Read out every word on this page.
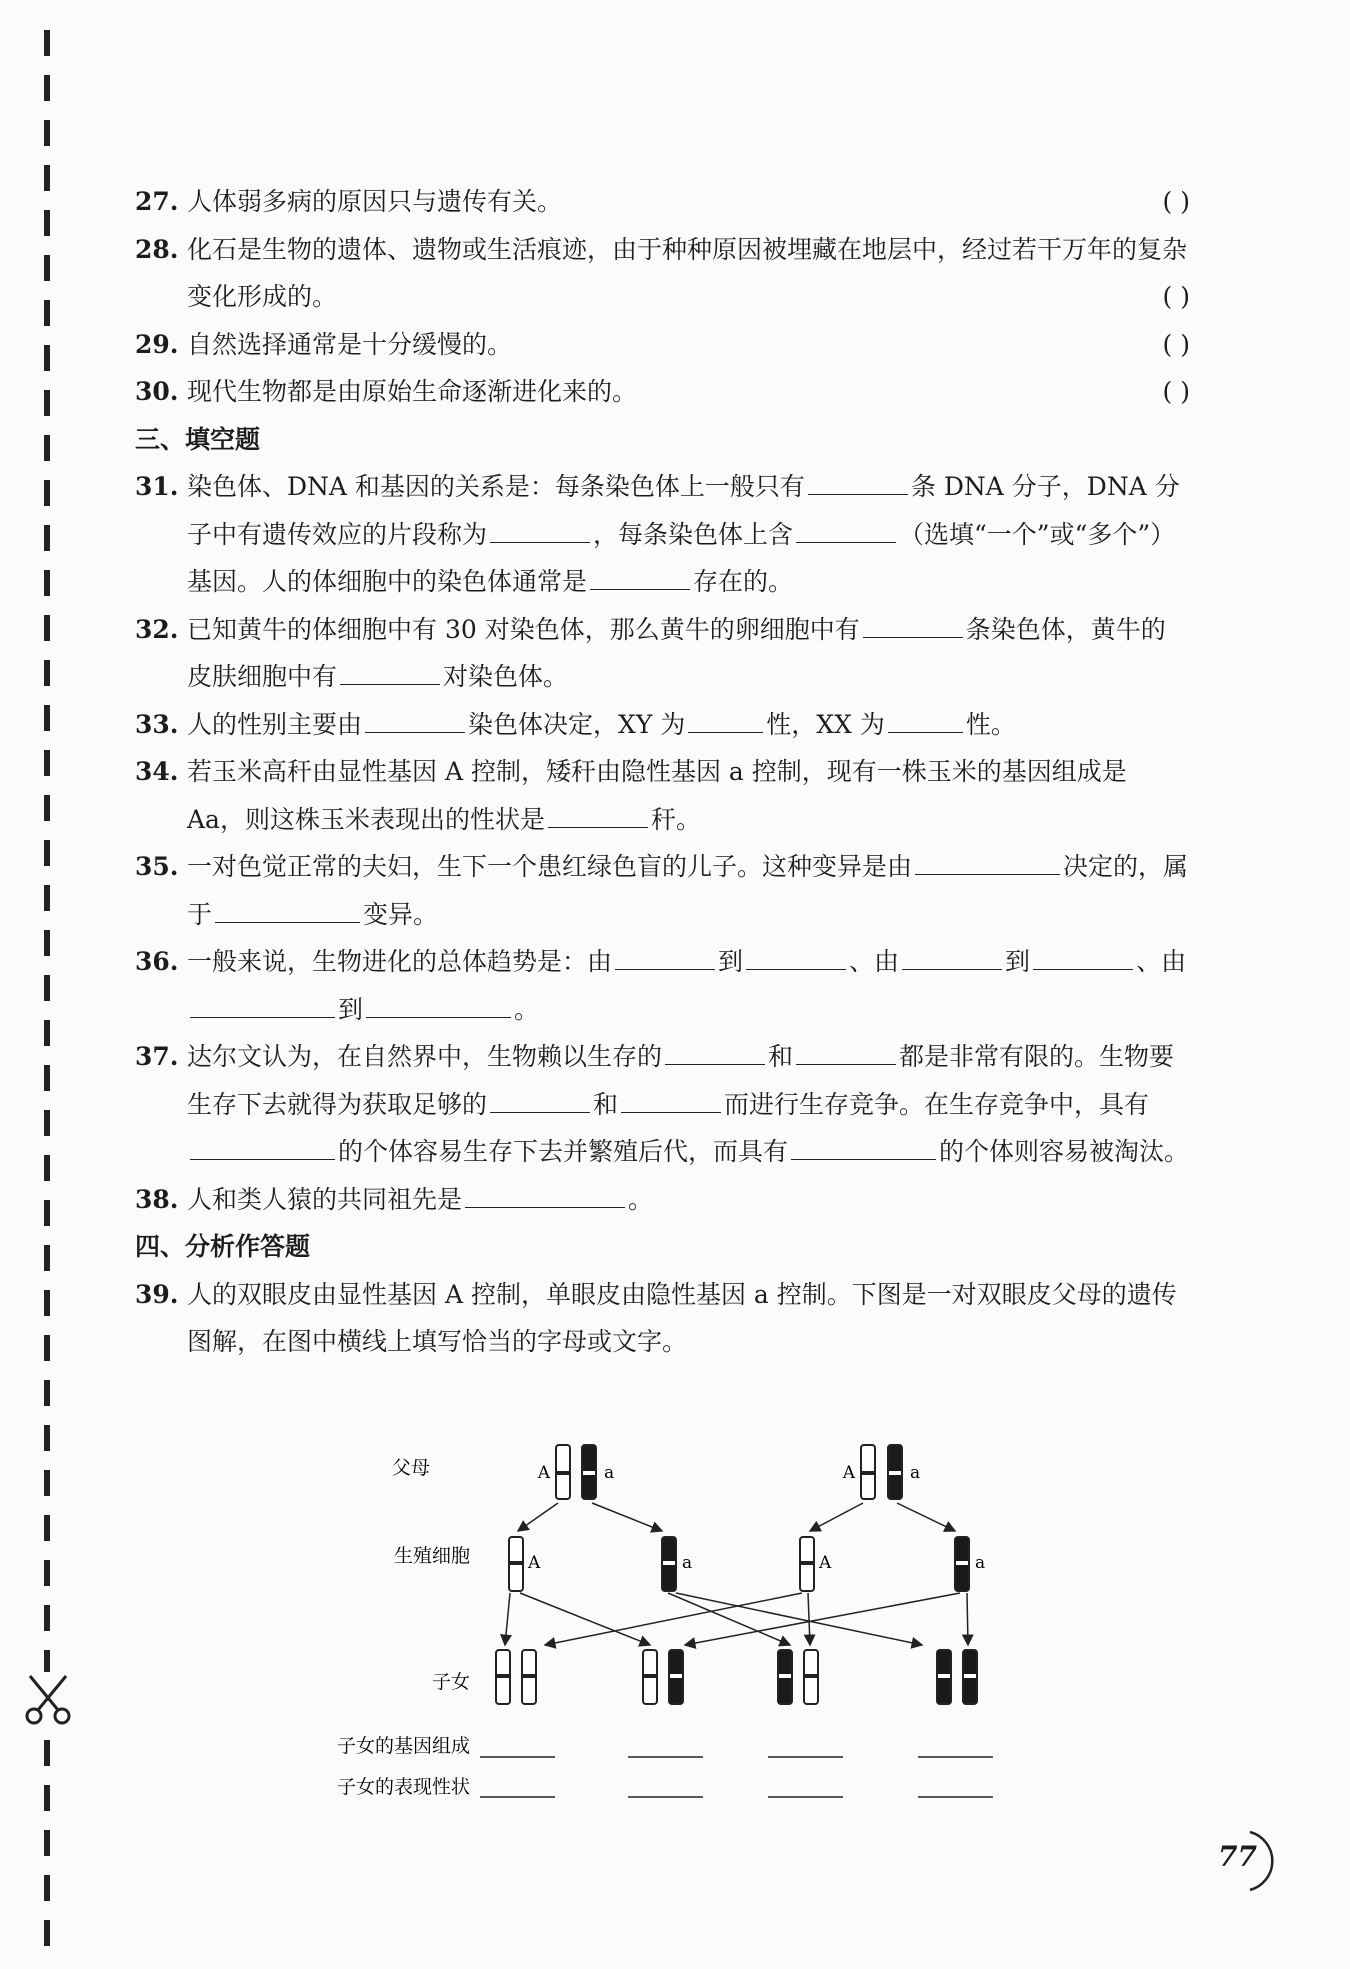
27. 人体弱多病的原因只与遗传有关。	( )
28. 化石是生物的遗体、遗物或生活痕迹，由于种种原因被埋藏在地层中，经过若干万年的复杂变化形成的。	( )
29. 自然选择通常是十分缓慢的。	( )
30. 现代生物都是由原始生命逐渐进化来的。	( )
三、填空题
31. 染色体、DNA 和基因的关系是：每条染色体上一般只有	条 DNA 分子，DNA 分子中有遗传效应的片段称为	，每条染色体上含	（选填“一个”或“多个”）基因。人的体细胞中的染色体通常是	存在的。
32. 已知黄牛的体细胞中有 30 对染色体，那么黄牛的卵细胞中有	条染色体，黄牛的皮肤细胞中有	对染色体。
33. 人的性别主要由	染色体决定，XY 为	性，XX 为	性。
34. 若玉米高秆由显性基因 A 控制，矮秆由隐性基因 a 控制，现有一株玉米的基因组成是 Aa，则这株玉米表现出的性状是	秆。
35. 一对色觉正常的夫妇，生下一个患红绿色盲的儿子。这种变异是由	决定的，属于	变异。
36. 一般来说，生物进化的总体趋势是：由	到	、由	到	、由到	。
37. 达尔文认为，在自然界中，生物赖以生存的	和	都是非常有限的。生物要生存下去就得为获取足够的	和	而进行生存竞争。在生存竞争中，具有的个体容易生存下去并繁殖后代，而具有	的个体则容易被淘汰。
38. 人和类人猿的共同祖先是	。
四、分析作答题
39. 人的双眼皮由显性基因 A 控制，单眼皮由隐性基因 a 控制。下图是一对双眼皮父母的遗传图解，在图中横线上填写恰当的字母或文字。
父母
生殖细胞
子女
A	a	A	a
A	a	A	a
子女的基因组成
子女的表现性状
77
